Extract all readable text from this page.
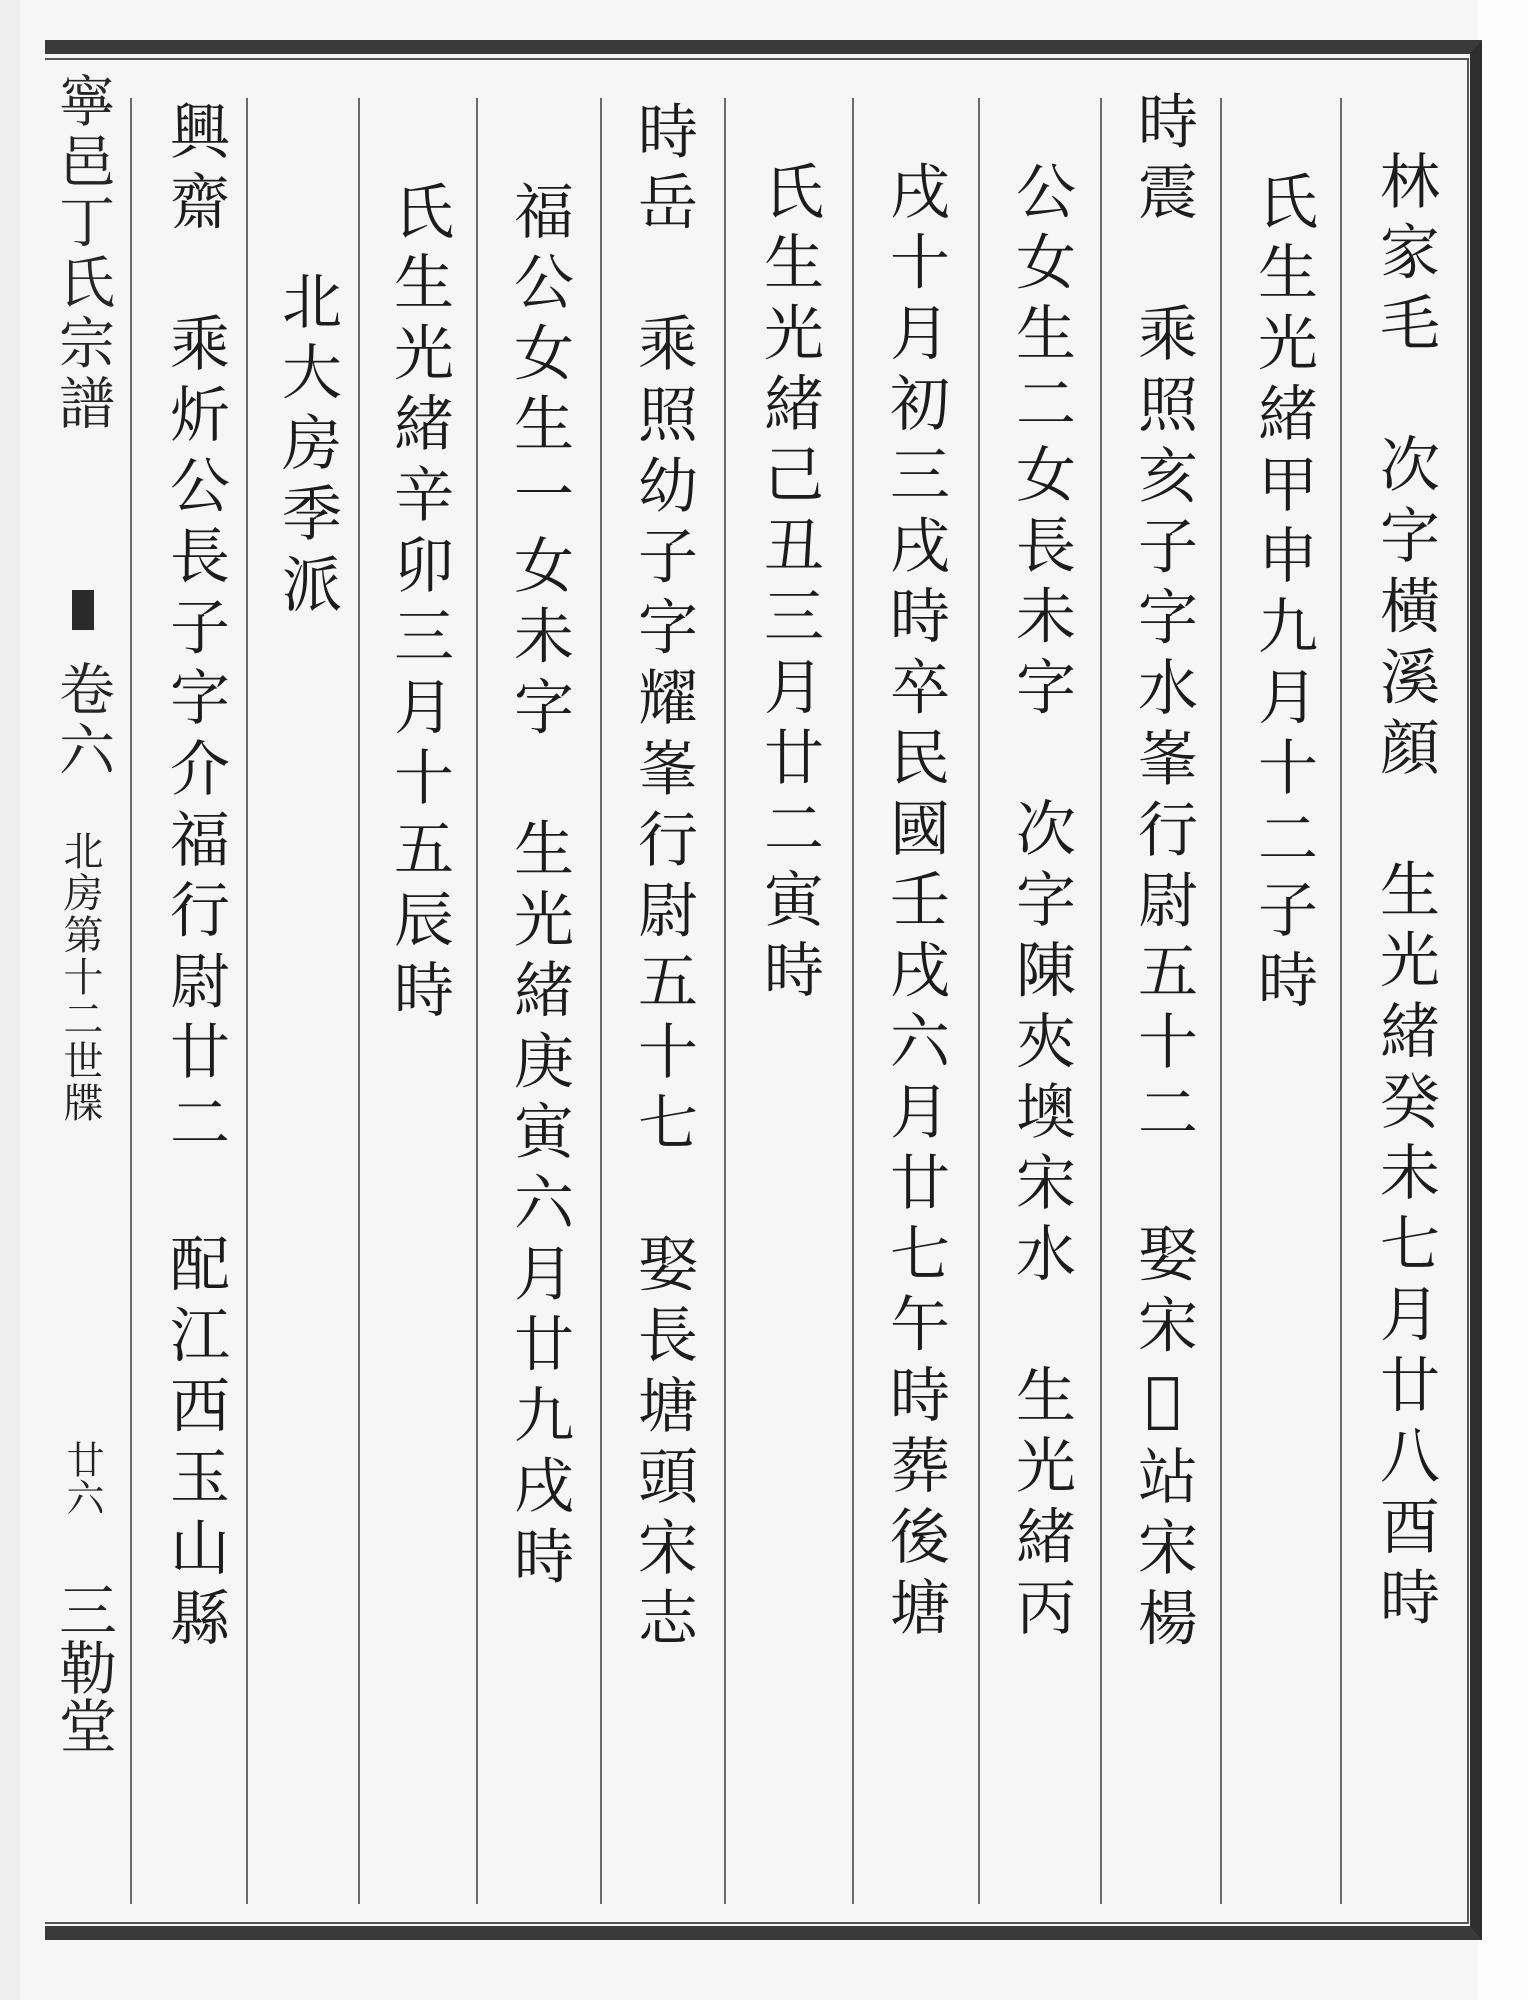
林家毛　次字橫溪顔　生光緒癸未七月廿八酉時
氏生光緒甲申九月十二子時
時震　乘照亥子字水峯行尉五十二　娶宋𨔾站宋楊
公女生二女長未字　次字陳夾墺宋水　生光緒丙
戌十月初三戌時卒民國壬戌六月廿七午時葬後塘
氏生光緒己丑三月廿二寅時
時岳　乘照幼子字耀峯行尉五十七　娶長塘頭宋志
福公女生一女未字　生光緒庚寅六月廿九戌時
氏生光緒辛卯三月十五辰時
北大房季派
興齋　乘炘公長子字介福行尉廿二　配江西玉山縣
寧邑丁氏宗譜
卷六
北房第十二世牒
廿六
三勒堂
